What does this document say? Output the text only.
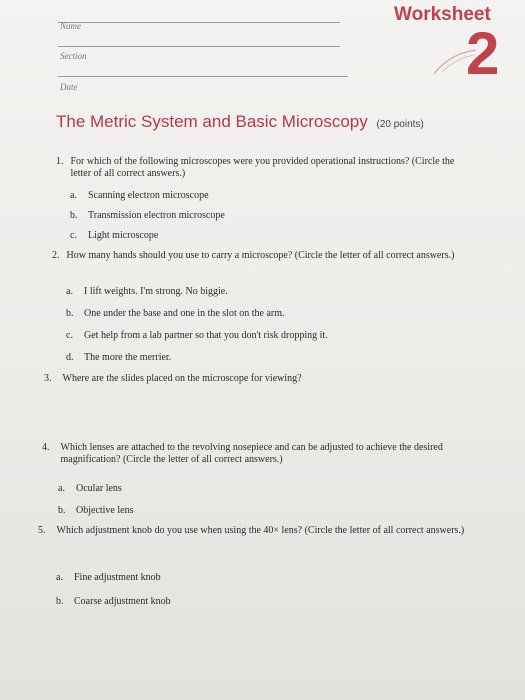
Name
Section
Date
Worksheet
2
The Metric System and Basic Microscopy (20 points)
1. For which of the following microscopes were you provided operational instructions? (Circle the letter of all correct answers.)
a. Scanning electron microscope
b. Transmission electron microscope
c. Light microscope
2. How many hands should you use to carry a microscope? (Circle the letter of all correct answers.)
a. I lift weights. I'm strong. No biggie.
b. One under the base and one in the slot on the arm.
c. Get help from a lab partner so that you don't risk dropping it.
d. The more the merrier.
3. Where are the slides placed on the microscope for viewing?
4. Which lenses are attached to the revolving nosepiece and can be adjusted to achieve the desired magnification? (Circle the letter of all correct answers.)
a. Ocular lens
b. Objective lens
5. Which adjustment knob do you use when using the 40× lens? (Circle the letter of all correct answers.)
a. Fine adjustment knob
b. Coarse adjustment knob
